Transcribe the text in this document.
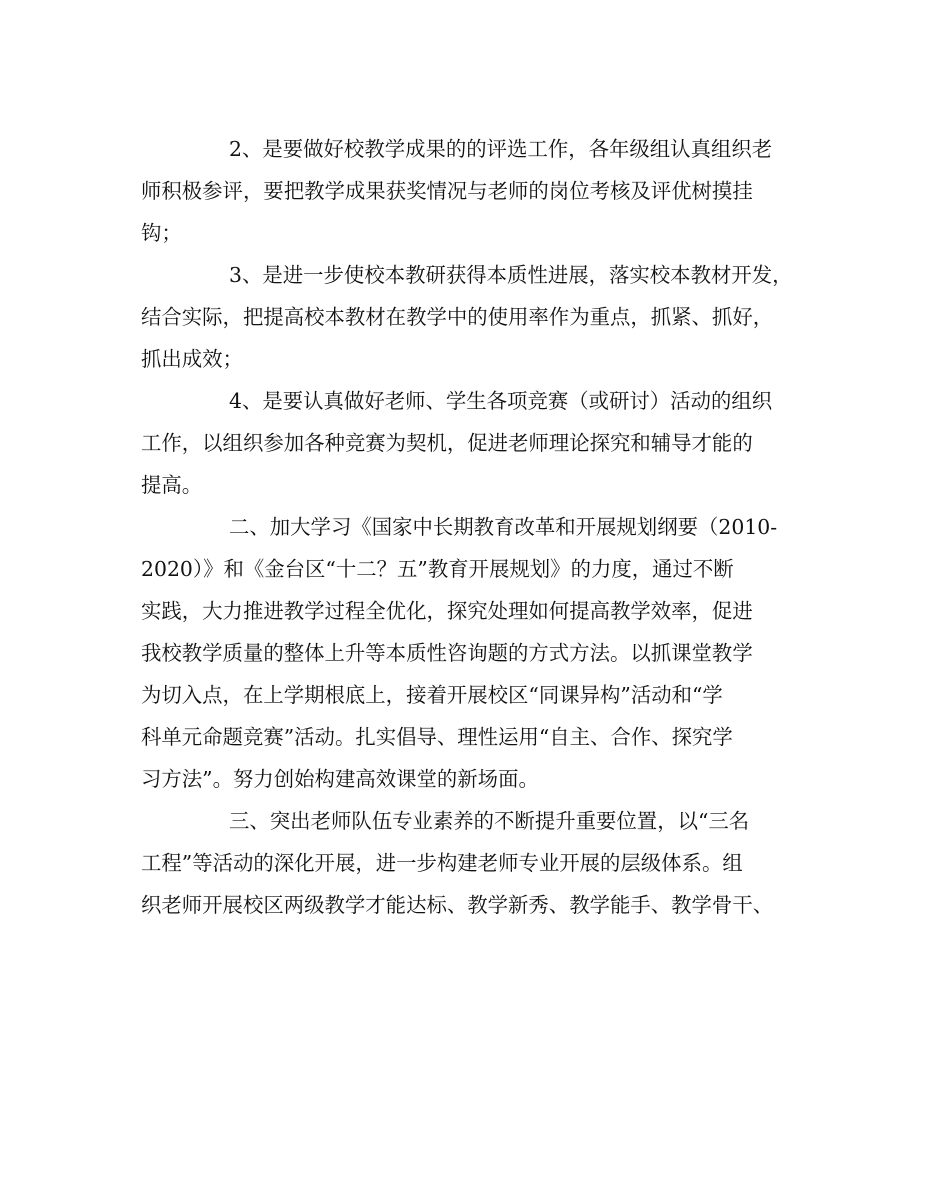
2、是要做好校教学成果的的评选工作，各年级组认真组织老
师积极参评，要把教学成果获奖情况与老师的岗位考核及评优树摸挂
钩；

3、是进一步使校本教研获得本质性进展，落实校本教材开发，
结合实际，把提高校本教材在教学中的使用率作为重点，抓紧、抓好，
抓出成效；

4、是要认真做好老师、学生各项竞赛（或研讨）活动的组织
工作，以组织参加各种竞赛为契机，促进老师理论探究和辅导才能的
提高。

二、加大学习《国家中长期教育改革和开展规划纲要（2010-
2020）》和《金台区“十二？五”教育开展规划》的力度，通过不断
实践，大力推进教学过程全优化，探究处理如何提高教学效率，促进
我校教学质量的整体上升等本质性咨询题的方式方法。以抓课堂教学
为切入点，在上学期根底上，接着开展校区“同课异构”活动和“学
科单元命题竞赛”活动。扎实倡导、理性运用“自主、合作、探究学
习方法”。努力创始构建高效课堂的新场面。

三、突出老师队伍专业素养的不断提升重要位置，以“三名
工程”等活动的深化开展，进一步构建老师专业开展的层级体系。组
织老师开展校区两级教学才能达标、教学新秀、教学能手、教学骨干、
